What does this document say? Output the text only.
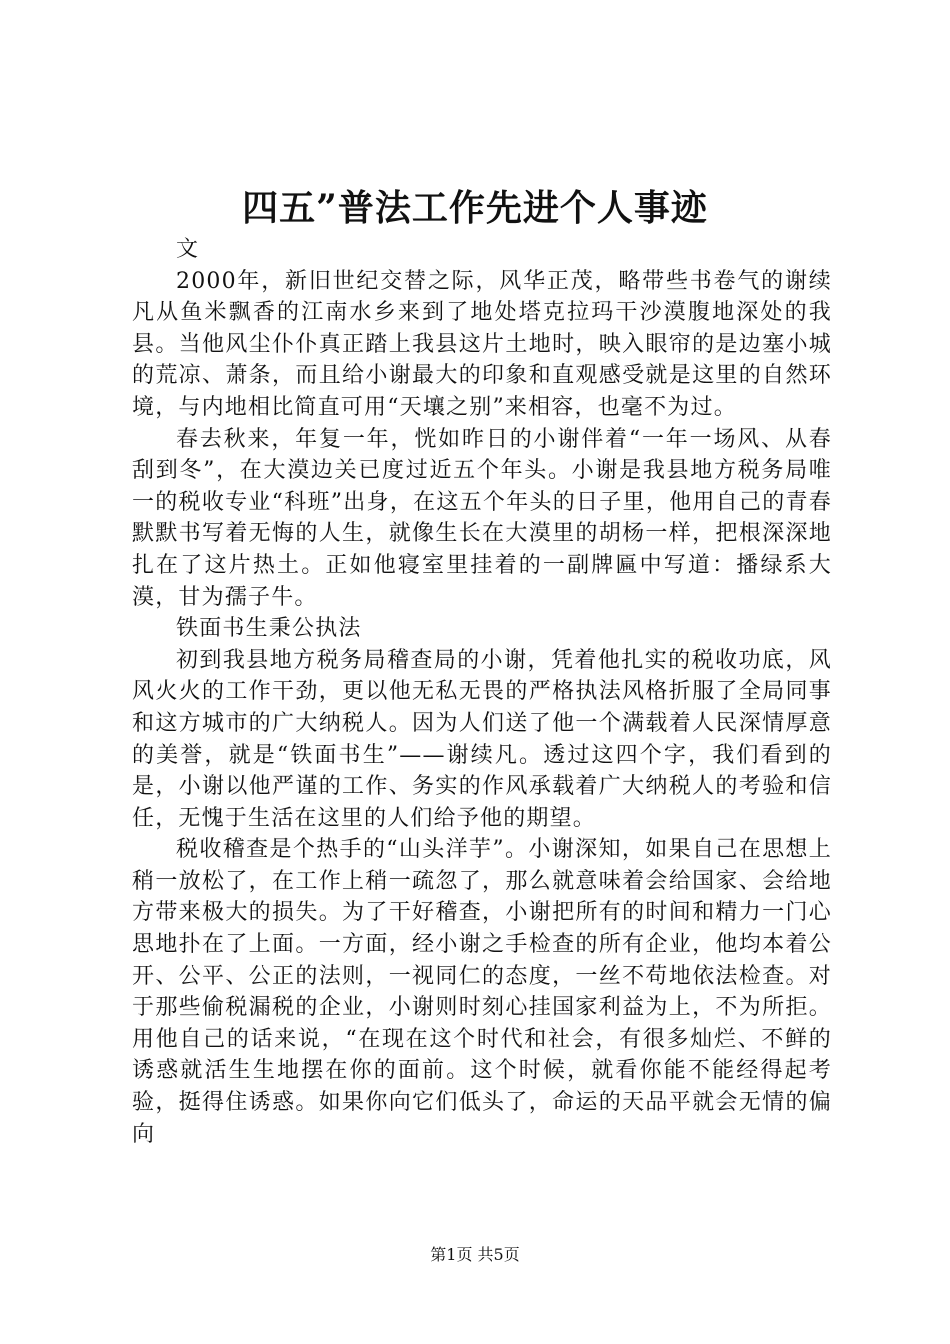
四五”普法工作先进个人事迹

文

2000年，新旧世纪交替之际，风华正茂，略带些书卷气的谢续凡从鱼米飘香的江南水乡来到了地处塔克拉玛干沙漠腹地深处的我县。当他风尘仆仆真正踏上我县这片土地时，映入眼帘的是边塞小城的荒凉、萧条，而且给小谢最大的印象和直观感受就是这里的自然环境，与内地相比简直可用“天壤之别”来相容，也毫不为过。

春去秋来，年复一年，恍如昨日的小谢伴着“一年一场风、从春刮到冬”，在大漠边关已度过近五个年头。小谢是我县地方税务局唯一的税收专业“科班”出身，在这五个年头的日子里，他用自己的青春默默书写着无悔的人生，就像生长在大漠里的胡杨一样，把根深深地扎在了这片热土。正如他寝室里挂着的一副牌匾中写道：播绿系大漠，甘为孺子牛。

铁面书生秉公执法

初到我县地方税务局稽查局的小谢，凭着他扎实的税收功底，风风火火的工作干劲，更以他无私无畏的严格执法风格折服了全局同事和这方城市的广大纳税人。因为人们送了他一个满载着人民深情厚意的美誉，就是“铁面书生”——谢续凡。透过这四个字，我们看到的是，小谢以他严谨的工作、务实的作风承载着广大纳税人的考验和信任，无愧于生活在这里的人们给予他的期望。

税收稽查是个热手的“山头洋芋”。小谢深知，如果自己在思想上稍一放松了，在工作上稍一疏忽了，那么就意味着会给国家、会给地方带来极大的损失。为了干好稽查，小谢把所有的时间和精力一门心思地扑在了上面。一方面，经小谢之手检查的所有企业，他均本着公开、公平、公正的法则，一视同仁的态度，一丝不苟地依法检查。对于那些偷税漏税的企业，小谢则时刻心挂国家利益为上，不为所拒。用他自己的话来说，“在现在这个时代和社会，有很多灿烂、不鲜的诱惑就活生生地摆在你的面前。这个时候，就看你能不能经得起考验，挺得住诱惑。如果你向它们低头了，命运的天品平就会无情的偏向

第1页 共5页
